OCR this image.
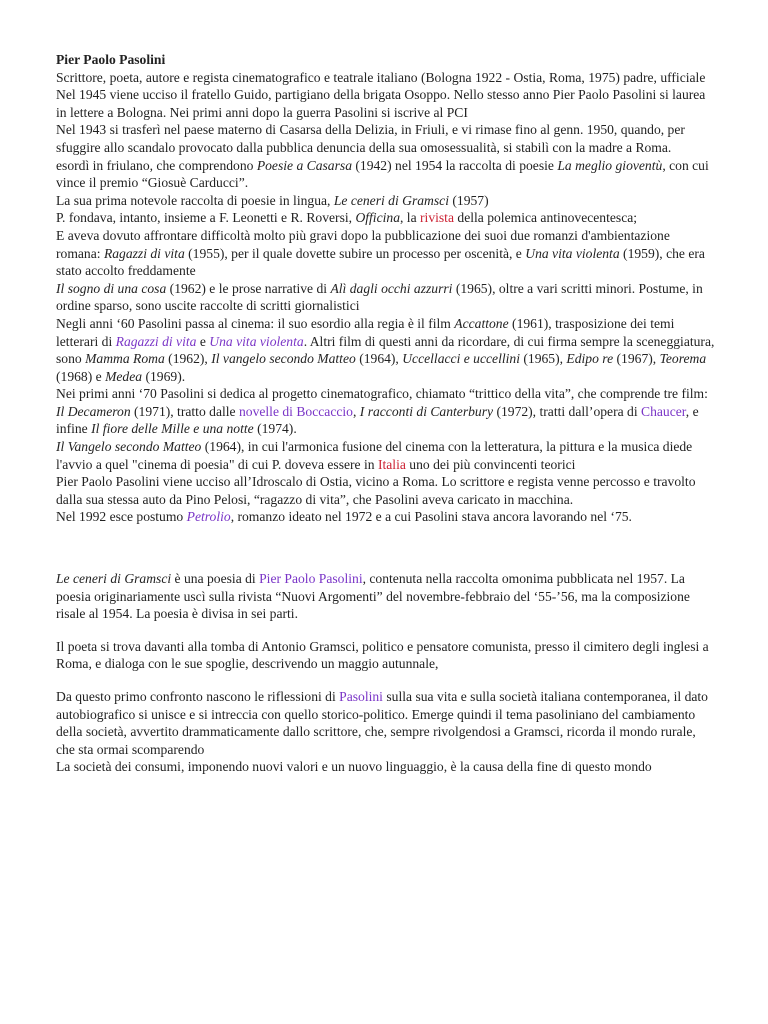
Pier Paolo Pasolini

Scrittore, poeta, autore e regista cinematografico e teatrale italiano (Bologna 1922 - Ostia, Roma, 1975) padre, ufficiale

Nel 1945 viene ucciso il fratello Guido, partigiano della brigata Osoppo. Nello stesso anno Pier Paolo Pasolini si laurea in lettere a Bologna. Nei primi anni dopo la guerra Pasolini si iscrive al PCI

Nel 1943 si trasferì nel paese materno di Casarsa della Delizia, in Friuli, e vi rimase fino al genn. 1950, quando, per sfuggire allo scandalo provocato dalla pubblica denuncia della sua omosessualità, si stabilì con la madre a Roma.

esordì in friulano, che comprendono Poesie a Casarsa (1942) nel 1954 la raccolta di poesie La meglio gioventù, con cui vince il premio “Giosuè Carducci”.

La sua prima notevole raccolta di poesie in lingua, Le ceneri di Gramsci (1957)

P. fondava, intanto, insieme a F. Leonetti e R. Roversi, Officina, la rivista della polemica antinovecentesca;

E aveva dovuto affrontare difficoltà molto più gravi dopo la pubblicazione dei suoi due romanzi d'ambientazione romana: Ragazzi di vita (1955), per il quale dovette subire un processo per oscenità, e Una vita violenta (1959), che era stato accolto freddamente

Il sogno di una cosa (1962) e le prose narrative di Alì dagli occhi azzurri (1965), oltre a vari scritti minori. Postume, in ordine sparso, sono uscite raccolte di scritti giornalistici

Negli anni ‘60 Pasolini passa al cinema: il suo esordio alla regia è il film Accattone (1961), trasposizione dei temi letterari di Ragazzi di vita e Una vita violenta. Altri film di questi anni da ricordare, di cui firma sempre la sceneggiatura, sono Mamma Roma (1962), Il vangelo secondo Matteo (1964), Uccellacci e uccellini (1965), Edipo re (1967), Teorema (1968) e Medea (1969).

Nei primi anni ‘70 Pasolini si dedica al progetto cinematografico, chiamato “trittico della vita”, che comprende tre film: Il Decameron (1971), tratto dalle novelle di Boccaccio, I racconti di Canterbury (1972), tratti dall’opera di Chaucer, e infine Il fiore delle Mille e una notte (1974).

Il Vangelo secondo Matteo (1964), in cui l'armonica fusione del cinema con la letteratura, la pittura e la musica diede l'avvio a quel "cinema di poesia" di cui P. doveva essere in Italia uno dei più convincenti teorici

Pier Paolo Pasolini viene ucciso all’Idroscalo di Ostia, vicino a Roma. Lo scrittore e regista venne percosso e travolto dalla sua stessa auto da Pino Pelosi, “ragazzo di vita”, che Pasolini aveva caricato in macchina.

Nel 1992 esce postumo Petrolio, romanzo ideato nel 1972 e a cui Pasolini stava ancora lavorando nel ‘75.

Le ceneri di Gramsci è una poesia di Pier Paolo Pasolini, contenuta nella raccolta omonima pubblicata nel 1957. La poesia originariamente uscì sulla rivista “Nuovi Argomenti” del novembre-febbraio del ‘55-’56, ma la composizione risale al 1954. La poesia è divisa in sei parti.

Il poeta si trova davanti alla tomba di Antonio Gramsci, politico e pensatore comunista, presso il cimitero degli inglesi a Roma, e dialoga con le sue spoglie, descrivendo un maggio autunnale,

Da questo primo confronto nascono le riflessioni di Pasolini sulla sua vita e sulla società italiana contemporanea, il dato autobiografico si unisce e si intreccia con quello storico-politico. Emerge quindi il tema pasoliniano del cambiamento della società, avvertito drammaticamente dallo scrittore, che, sempre rivolgendosi a Gramsci, ricorda il mondo rurale, che sta ormai scomparendo
La società dei consumi, imponendo nuovi valori e un nuovo linguaggio, è la causa della fine di questo mondo
